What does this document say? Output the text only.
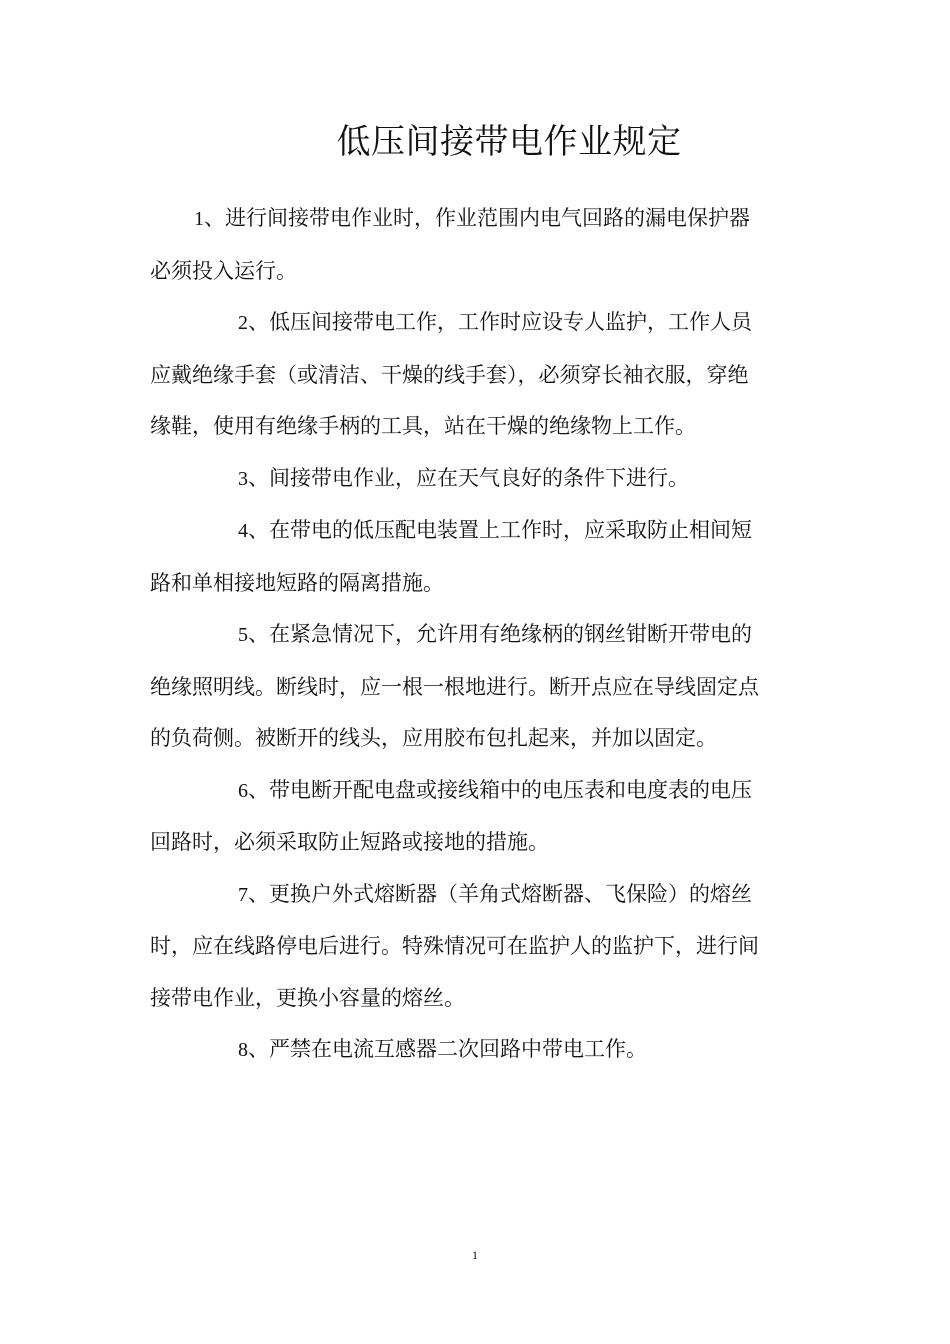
低压间接带电作业规定

1、进行间接带电作业时，作业范围内电气回路的漏电保护器

必须投入运行。

2、低压间接带电工作，工作时应设专人监护，工作人员

应戴绝缘手套（或清洁、干燥的线手套），必须穿长袖衣服，穿绝

缘鞋，使用有绝缘手柄的工具，站在干燥的绝缘物上工作。

3、间接带电作业，应在天气良好的条件下进行。

4、在带电的低压配电装置上工作时，应采取防止相间短

路和单相接地短路的隔离措施。

5、在紧急情况下，允许用有绝缘柄的钢丝钳断开带电的

绝缘照明线。断线时，应一根一根地进行。断开点应在导线固定点

的负荷侧。被断开的线头，应用胶布包扎起来，并加以固定。

6、带电断开配电盘或接线箱中的电压表和电度表的电压

回路时，必须采取防止短路或接地的措施。

7、更换户外式熔断器（羊角式熔断器、飞保险）的熔丝

时，应在线路停电后进行。特殊情况可在监护人的监护下，进行间

接带电作业，更换小容量的熔丝。

8、严禁在电流互感器二次回路中带电工作。

1
